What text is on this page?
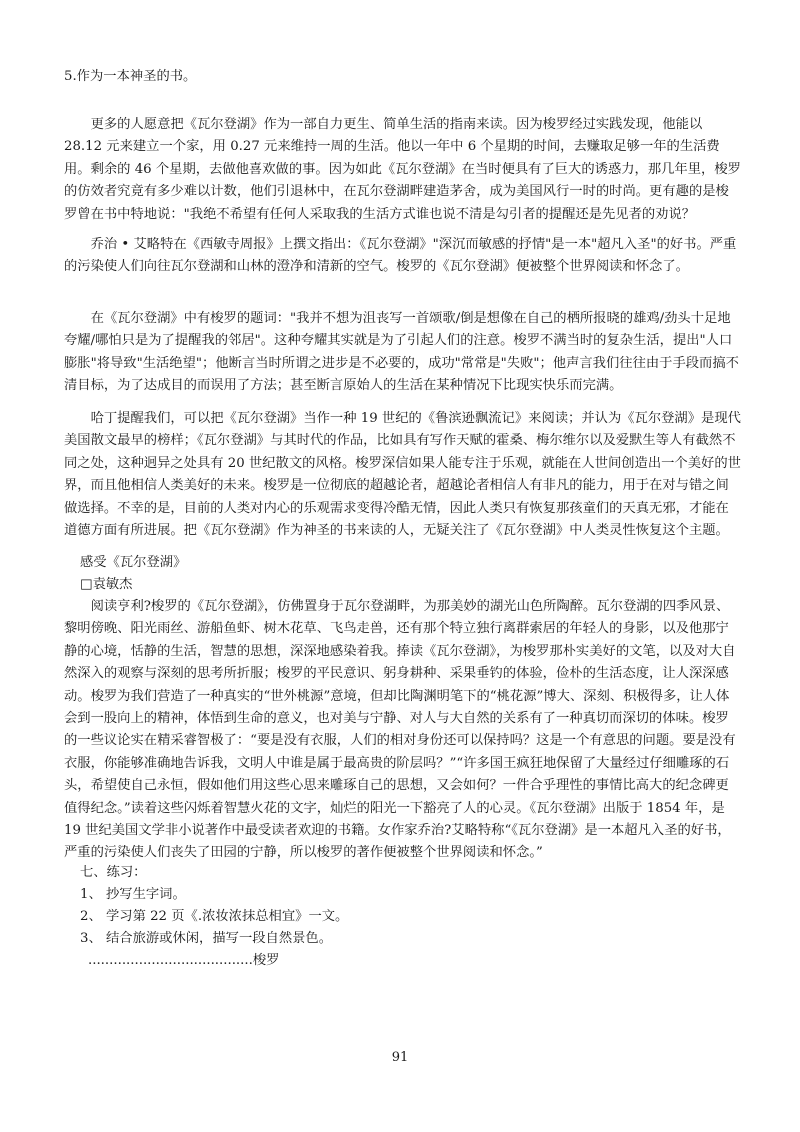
5.作为一本神圣的书。

更多的人愿意把《瓦尔登湖》作为一部自力更生、简单生活的指南来读。因为梭罗经过实践发现，他能以 28.12 元来建立一个家，用 0.27 元来维持一周的生活。他以一年中 6 个星期的时间，去赚取足够一年的生活费用。剩余的 46 个星期，去做他喜欢做的事。因为如此《瓦尔登湖》在当时便具有了巨大的诱惑力，那几年里，梭罗的仿效者究竟有多少难以计数，他们引退林中，在瓦尔登湖畔建造茅舍，成为美国风行一时的时尚。更有趣的是梭罗曾在书中特地说："我绝不希望有任何人采取我的生活方式谁也说不清是勾引者的提醒还是先见者的劝说？

乔治 • 艾略特在《西敏寺周报》上撰文指出：《瓦尔登湖》"深沉而敏感的抒情"是一本"超凡入圣"的好书。严重的污染使人们向往瓦尔登湖和山林的澄净和清新的空气。梭罗的《瓦尔登湖》便被整个世界阅读和怀念了。

在《瓦尔登湖》中有梭罗的题词："我并不想为沮丧写一首颂歌/倒是想像在自己的栖所报晓的雄鸡/劲头十足地夸耀/哪怕只是为了提醒我的邻居"。这种夸耀其实就是为了引起人们的注意。梭罗不满当时的复杂生活，提出"人口膨胀"将导致"生活绝望"；他断言当时所谓之进步是不必要的，成功"常常是"失败"；他声言我们往往由于手段而搞不清目标，为了达成目的而误用了方法；甚至断言原始人的生活在某种情况下比现实快乐而完满。

哈丁提醒我们，可以把《瓦尔登湖》当作一种 19 世纪的《鲁滨逊飘流记》来阅读；并认为《瓦尔登湖》是现代美国散文最早的榜样；《瓦尔登湖》与其时代的作品，比如具有写作天赋的霍桑、梅尔维尔以及爱默生等人有截然不同之处，这种迥异之处具有 20 世纪散文的风格。梭罗深信如果人能专注于乐观，就能在人世间创造出一个美好的世界，而且他相信人类美好的未来。梭罗是一位彻底的超越论者，超越论者相信人有非凡的能力，用于在对与错之间做选择。不幸的是，目前的人类对内心的乐观需求变得冷酷无情，因此人类只有恢复那孩童们的天真无邪，才能在道德方面有所进展。把《瓦尔登湖》作为神圣的书来读的人，无疑关注了《瓦尔登湖》中人类灵性恢复这个主题。

感受《瓦尔登湖》

□袁敏杰

阅读亨利?梭罗的《瓦尔登湖》，仿佛置身于瓦尔登湖畔，为那美妙的湖光山色所陶醉。瓦尔登湖的四季风景、黎明傍晚、阳光雨丝、游船鱼虾、树木花草、飞鸟走兽，还有那个特立独行离群索居的年轻人的身影，以及他那宁静的心境，恬静的生活，智慧的思想，深深地感染着我。捧读《瓦尔登湖》，为梭罗那朴实美好的文笔，以及对大自然深入的观察与深刻的思考所折服；梭罗的平民意识、躬身耕种、采果垂钓的体验，俭朴的生活态度，让人深深感动。梭罗为我们营造了一种真实的“世外桃源”意境，但却比陶渊明笔下的“桃花源”博大、深刻、积极得多，让人体会到一股向上的精神，体悟到生命的意义，也对美与宁静、对人与大自然的关系有了一种真切而深切的体味。梭罗的一些议论实在精采睿智极了：“要是没有衣服，人们的相对身份还可以保持吗？这是一个有意思的问题。要是没有衣服，你能够准确地告诉我，文明人中谁是属于最高贵的阶层吗？”“许多国王疯狂地保留了大量经过仔细雕琢的石头，希望使自己永恒，假如他们用这些心思来雕琢自己的思想，又会如何？一件合乎理性的事情比高大的纪念碑更值得纪念。”读着这些闪烁着智慧火花的文字，灿烂的阳光一下豁亮了人的心灵。《瓦尔登湖》出版于 1854 年，是 19 世纪美国文学非小说著作中最受读者欢迎的书籍。女作家乔治?艾略特称“《瓦尔登湖》是一本超凡入圣的好书，严重的污染使人们丧失了田园的宁静，所以梭罗的著作便被整个世界阅读和怀念。”

七、练习：

1、 抄写生字词。

2、 学习第 22 页《.浓妆浓抹总相宜》一文。

3、 结合旅游或休闲，描写一段自然景色。

.......................................梭罗

91
